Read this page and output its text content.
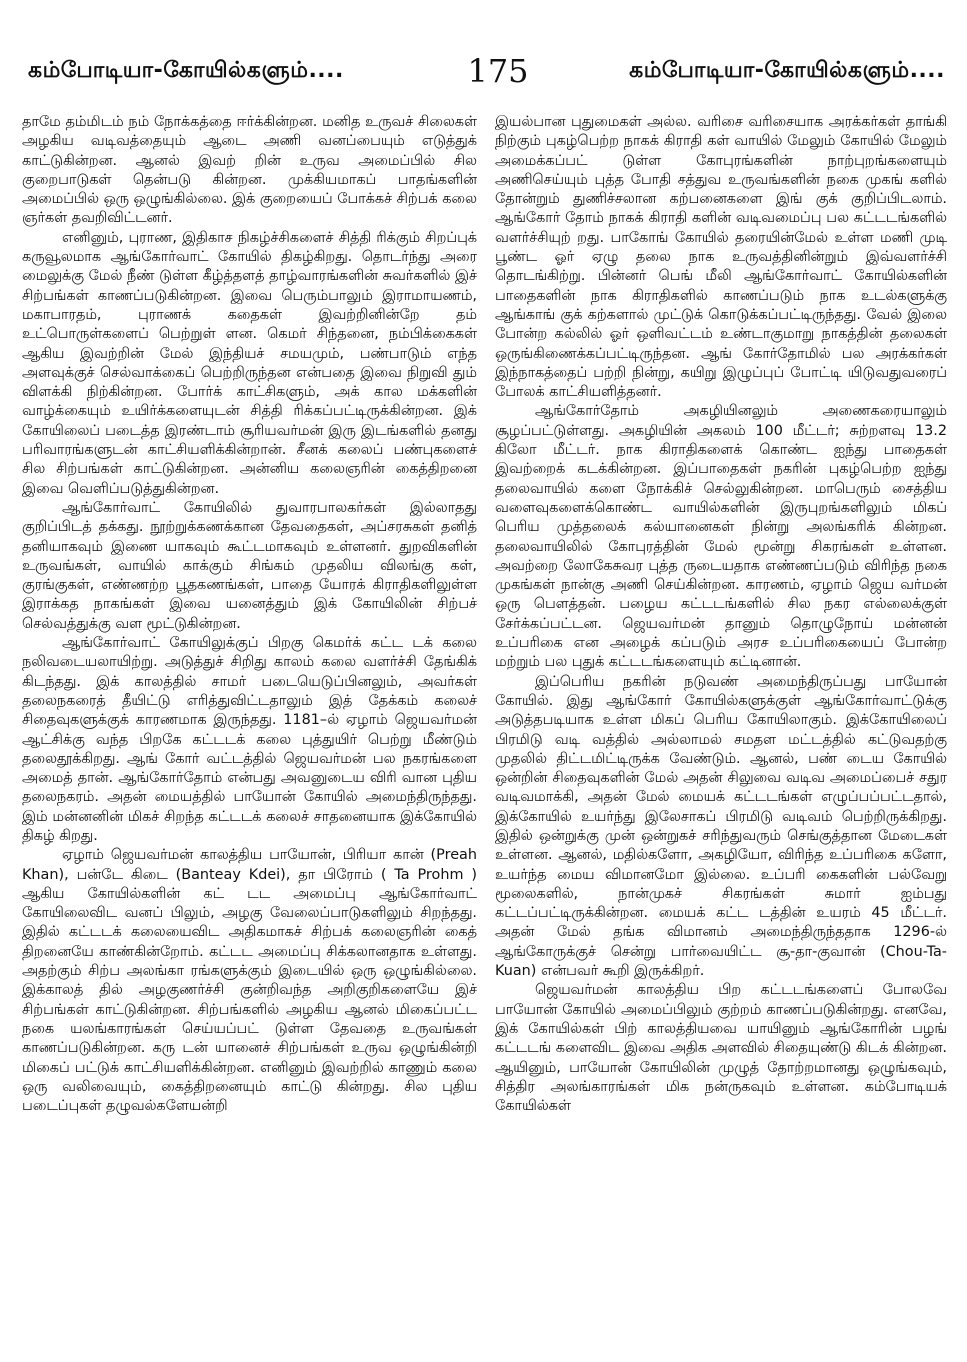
கம்போடியா-கோயில்களும்....	175	கம்போடியா-கோயில்களும்....

தாமே தம்மிடம் நம் நோக்கத்தை ஈர்க்கின்றன. மனித உருவச் சிலைகள் அழகிய வடிவத்தையும் ஆடை அணி வனப்பையும் எடுத்துக் காட்டுகின்றன. ஆனல் இவற் றின் உருவ அமைப்பில் சில குறைபாடுகள் தென்படு கின்றன. முக்கியமாகப் பாதங்களின் அமைப்பில் ஒரு ஒழுங்கில்லை. இக் குறையைப் போக்கச் சிற்பக் கலை ஞர்கள் தவறிவிட்டனர்.

எனினும், புராண, இதிகாச நிகழ்ச்சிகளைச் சித்தி ரிக்கும் சிறப்புக் கருவூலமாக ஆங்கோர்வாட் கோயில் திகழ்கிறது. தொடர்ந்து அரை மைலுக்கு மேல் நீண் டுள்ள கீழ்த்தளத் தாழ்வாரங்களின் சுவர்களில் இச் சிற்பங்கள் காணப்படுகின்றன. இவை பெரும்பாலும் இராமாயணம், மகாபாரதம், புராணக் கதைகள் இவற்றினின்றே தம் உட்பொருள்களைப் பெற்றுள் ளன. கெமர் சிந்தனை, நம்பிக்கைகள் ஆகிய இவற்றின் மேல் இந்தியச் சமயமும், பண்பாடும் எந்த அளவுக்குச் செல்வாக்கைப் பெற்றிருந்தன என்பதை இவை நிறுவி தும் விளக்கி நிற்கின்றன. போர்க் காட்சிகளும், அக் கால மக்களின் வாழ்க்கையும் உயிர்க்களையுடன் சித்தி ரிக்கப்பட்டிருக்கின்றன. இக் கோயிலைப் படைத்த இரண்டாம் சூரியவர்மன் இரு இடங்களில் தனது பரிவாரங்களுடன் காட்சியளிக்கின்றான். சீனக் கலைப் பண்புகளைச் சில சிற்பங்கள் காட்டுகின்றன. அன்னிய கலைஞரின் கைத்திறனை இவை வெளிப்படுத்துகின்றன.

ஆங்கோர்வாட் கோயிலில் துவாரபாலகர்கள் இல்லாதது குறிப்பிடத் தக்கது. நூற்றுக்கணக்கான தேவதைகள், அப்சரசுகள் தனித் தனியாகவும் இணை யாகவும் கூட்டமாகவும் உள்ளனர். துறவிகளின் உருவங்கள், வாயில் காக்கும் சிங்கம் முதலிய விலங்கு கள், குரங்குகள், எண்ணற்ற பூதகணங்கள், பாதை யோரக் கிராதிகளிலுள்ள இராக்கத நாகங்கள் இவை யனைத்தும் இக் கோயிலின் சிற்பச் செல்வத்துக்கு வள மூட்டுகின்றன.

ஆங்கோர்வாட் கோயிலுக்குப் பிறகு கெமர்க் கட்ட டக் கலை நலிவடையலாயிற்று. அடுத்துச் சிறிது காலம் கலை வளர்ச்சி தேங்கிக் கிடந்தது. இக் காலத்தில் சாமர் படையெடுப்பினலும், அவர்கள் தலைநகரைத் தீயிட்டு எரித்துவிட்டதாலும் இத் தேக்கம் கலைச் சிதைவுகளுக்குக் காரணமாக இருந்தது. 1181–ல் ஏழாம் ஜெயவர்மன் ஆட்சிக்கு வந்த பிறகே கட்டடக் கலை புத்துயிர் பெற்று மீண்டும் தலைதூக்கிறது. ஆங் கோர் வட்டத்தில் ஜெயவர்மன் பல நகரங்களை அமைத் தான். ஆங்கோர்தோம் என்பது அவனுடைய விரி வான புதிய தலைநகரம். அதன் மையத்தில் பாயோன் கோயில் அமைந்திருந்தது. இம் மன்னனின் மிகச் சிறந்த கட்டடக் கலைச் சாதனையாக இக்கோயில் திகழ் கிறது.

ஏழாம் ஜெயவர்மன் காலத்திய பாயோன், பிரியா கான் (Preah Khan), பன்டே கிடை (Banteay Kdei), தா பிரோம் ( Ta Prohm ) ஆகிய கோயில்களின் கட் டட அமைப்பு ஆங்கோர்வாட் கோயிலைவிட வனப் பிலும், அழகு வேலைப்பாடுகளிலும் சிறந்தது. இதில் கட்டடக் கலையைவிட அதிகமாகச் சிற்பக் கலைஞரின் கைத் திறனையே காண்கின்றோம். கட்டட அமைப்பு சிக்கலானதாக உள்ளது. அதற்கும் சிற்ப அலங்கா ரங்களுக்கும் இடையில் ஒரு ஒழுங்கில்லை. இக்காலத் தில் அழகுணர்ச்சி குன்றிவந்த அறிகுறிகளையே இச் சிற்பங்கள் காட்டுகின்றன. சிற்பங்களில் அழகிய ஆனல் மிகைப்பட்ட நகை யலங்காரங்கள் செய்யப்பட் டுள்ள தேவதை உருவங்கள் காணப்படுகின்றன. கரு டன் யானைச் சிற்பங்கள் உருவ ஒழுங்கின்றி மிகைப் பட்டுக் காட்சியளிக்கின்றன. எனினும் இவற்றில் காணும் கலை ஒரு வலிவையும், கைத்திறனையும் காட்டு கின்றது. சில புதிய படைப்புகள் தழுவல்களேயன்றி

இயல்பான புதுமைகள் அல்ல. வரிசை வரிசையாக அரக்கர்கள் தாங்கி நிற்கும் புகழ்பெற்ற நாகக் கிராதி கள் வாயில் மேலும் கோயில் மேலும் அமைக்கப்பட் டுள்ள கோபுரங்களின் நாற்புறங்களையும் அணிசெய்யும் புத்த போதி சத்துவ உருவங்களின் நகை முகங் களில் தோன்றும் துணிச்சலான கற்பனைகளை இங் குக் குறிப்பிடலாம். ஆங்கோர் தோம் நாகக் கிராதி களின் வடிவமைப்பு பல கட்டடங்களில் வளர்ச்சியுற் றது. பாகோங் கோயில் தரையின்மேல் உள்ள மணி முடி பூண்ட ஓர் ஏழு தலை நாக உருவத்தினின்றும் இவ்வளர்ச்சி தொடங்கிற்று. பின்னர் பெங் மீலி ஆங்கோர்வாட் கோயில்களின் பாதைகளின் நாக கிராதிகளில் காணப்படும் நாக உடல்களுக்கு ஆங்காங் குக் கற்களால் முட்டுக் கொடுக்கப்பட்டிருந்தது. வேல் இலை போன்ற கல்லில் ஓர் ஒளிவட்டம் உண்டாகுமாறு நாகத்தின் தலைகள் ஒருங்கிணைக்கப்பட்டிருந்தன. ஆங் கோர்தோமில் பல அரக்கர்கள் இந்நாகத்தைப் பற்றி நின்று, கயிறு இழுப்புப் போட்டி யிடுவதுவரைப் போலக் காட்சியளித்தனர்.

ஆங்கோர்தோம் அகழியினலும் அணைகரையாலும் சூழப்பட்டுள்ளது. அகழியின் அகலம் 100 மீட்டர்; சுற்றளவு 13.2 கிலோ மீட்டர். நாக கிராதிகளைக் கொண்ட ஐந்து பாதைகள் இவற்றைக் கடக்கின்றன. இப்பாதைகள் நகரின் புகழ்பெற்ற ஐந்து தலைவாயில் களை நோக்கிச் செல்லுகின்றன. மாபெரும் சைத்திய வளைவுகளைக்கொண்ட வாயில்களின் இருபுறங்களிலும் மிகப் பெரிய முத்தலைக் கல்யானைகள் நின்று அலங்கரிக் கின்றன. தலைவாயிலில் கோபுரத்தின் மேல் மூன்று சிகரங்கள் உள்ளன. அவற்றை லோகேசுவர புத்த ருடையதாக எண்ணப்படும் விரிந்த நகை முகங்கள் நான்கு அணி செய்கின்றன. காரணம், ஏழாம் ஜெய வர்மன் ஒரு பௌத்தன். பழைய கட்டடங்களில் சில நகர எல்லைக்குள் சேர்க்கப்பட்டன. ஜெயவர்மன் தானும் தொழுநோய் மன்னன் உப்பரிகை என அழைக் கப்படும் அரச உப்பரிகையைப் போன்ற மற்றும் பல புதுக் கட்டடங்களையும் கட்டினான்.

இப்பெரிய நகரின் நடுவண் அமைந்திருப்பது பாயோன் கோயில். இது ஆங்கோர் கோயில்களுக்குள் ஆங்கோர்வாட்டுக்கு அடுத்தபடியாக உள்ள மிகப் பெரிய கோயிலாகும். இக்கோயிலைப் பிரமிடு வடி வத்தில் அல்லாமல் சமதள மட்டத்தில் கட்டுவதற்கு முதலில் திட்டமிட்டிருக்க வேண்டும். ஆனல், பண் டைய கோயில் ஒன்றின் சிதைவுகளின் மேல் அதன் சிலுவை வடிவ அமைப்பைச் சதுர வடிவமாக்கி, அதன் மேல் மையக் கட்டடங்கள் எழுப்பப்பட்டதால், இக்கோயில் உயர்ந்து இலேசாகப் பிரமிடு வடிவம் பெற்றிருக்கிறது. இதில் ஒன்றுக்கு முன் ஒன்றுகச் சரிந்துவரும் செங்குத்தான மேடைகள் உள்ளன. ஆனல், மதில்களோ, அகழியோ, விரிந்த உப்பரிகை களோ, உயர்ந்த மைய விமானமோ இல்லை. உப்பரி கைகளின் பல்வேறு மூலைகளில், நான்முகச் சிகரங்கள் சுமார் ஐம்பது கட்டப்பட்டிருக்கின்றன. மையக் கட்ட டத்தின் உயரம் 45 மீட்டர். அதன் மேல் தங்க விமானம் அமைந்திருந்ததாக 1296-ல் ஆங்கோருக்குச் சென்று பார்வையிட்ட சூ-தா-குவான் (Chou-Ta-Kuan) என்பவர் கூறி இருக்கிறர்.

ஜெயவர்மன் காலத்திய பிற கட்டடங்களைப் போலவே பாயோன் கோயில் அமைப்பிலும் குற்றம் காணப்படுகின்றது. எனவே, இக் கோயில்கள் பிற் காலத்தியவை யாயினும் ஆங்கோரின் பழங் கட்டடங் களைவிட இவை அதிக அளவில் சிதையுண்டு கிடக் கின்றன. ஆயினும், பாயோன் கோயிலின் முழுத் தோற்றமானது ஒழுங்கவும், சித்திர அலங்காரங்கள் மிக நன்ருகவும் உள்ளன. கம்போடியக் கோயில்கள்
